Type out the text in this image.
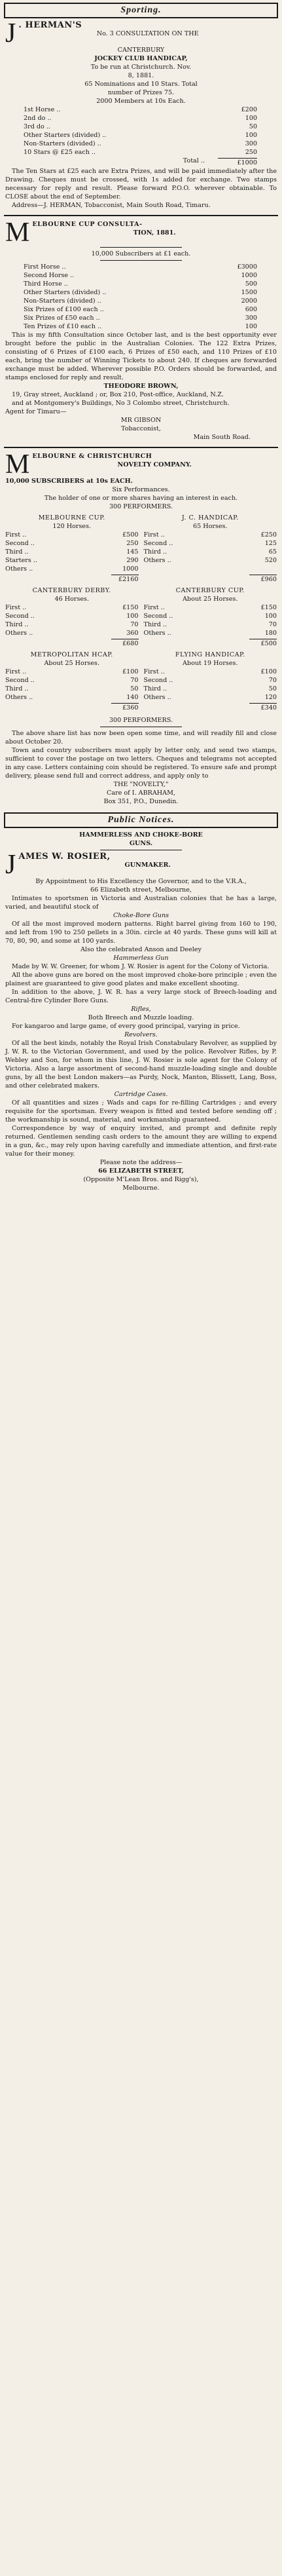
Sporting.
J . HERMAN'S
No. 3 CONSULTATION ON THE
CANTERBURY
JOCKEY CLUB HANDICAP,
To be run at Christchurch. Nov.
8, 1881.
65 Nominations and 10 Stars. Total
number of Prizes 75.
2000 Members at 10s Each.
1st Horse ..	£200
2nd do ..	100
3rd do ..	50
Other Starters (divided) ..	100
Non-Starters (divided) ..	300
10 Stars @ £25 each ..	250
Total ..	£1000
The Ten Stars at £25 each are Extra Prizes, and will be paid immediately after the Drawing. Cheques must be crossed, with 1s added for exchange. Two stamps necessary for reply and result. Please forward P.O.O. wherever obtainable. To CLOSE about the end of September.
Address—J. HERMAN, Tobacconist, Main South Road, Timaru.
M ELBOURNE CUP CONSULTA-
TION, 1881.
10,000 Subscribers at £1 each.
First Horse ..	£3000
Second Horse ..	1000
Third Horse ..	500
Other Starters (divided) ..	1500
Non-Starters (divided) ..	2000
Six Prizes of £100 each ..	600
Six Prizes of £50 each ..	300
Ten Prizes of £10 each ..	100
This is my fifth Consultation since October last, and is the best opportunity ever brought before the public in the Australian Colonies. The 122 Extra Prizes, consisting of 6 Prizes of £100 each, 6 Prizes of £50 each, and 110 Prizes of £10 each, bring the number of Winning Tickets to about 240. If cheques are forwarded exchange must be added. Wherever possible P.O. Orders should be forwarded, and stamps enclosed for reply and result.
THEODORE BROWN,
19, Gray street, Auckland ; or, Box 210, Post-office, Auckland, N.Z.
and at Montgomery's Buildings, No 3 Colombo street, Christchurch.
Agent for Timaru—
MR GIBSON
Tobacconist,
Main South Road.
M ELBOURNE & CHRISTCHURCH
NOVELTY COMPANY.
10,000 SUBSCRIBERS at 10s EACH.
Six Performances.
The holder of one or more shares having an interest in each.
300 PERFORMERS.
MELBOURNE CUP.
120 Horses.
First ..	£500
Second ..	250
Third ..	145
Starters ..	290
Others ..	1000
£2160
J. C. HANDICAP.
65 Horses.
First ..	£250
Second ..	125
Third ..	65
Others ..	520
£960
CANTERBURY DERBY.
46 Horses.
First ..	£150
Second ..	100
Third ..	70
Others ..	360
£680
CANTERBURY CUP.
About 25 Horses.
First ..	£150
Second ..	100
Third ..	70
Others ..	180
£500
METROPOLITAN HCAP.
About 25 Horses.
First ..	£100
Second ..	70
Third ..	50
Others ..	140
£360
FLYING HANDICAP.
About 19 Horses.
First ..	£100
Second ..	70
Third ..	50
Others ..	120
£340
300 PERFORMERS.
The above share list has now been open some time, and will readily fill and close about October 20.
Town and country subscribers must apply by letter only, and send two stamps, sufficient to cover the postage on two letters. Cheques and telegrams not accepted in any case. Letters containing coin should be registered. To ensure safe and prompt delivery, please send full and correct address, and apply only to
THE "NOVELTY,"
Care of I. ABRAHAM,
Box 351, P.O., Dunedin.
Public Notices.
HAMMERLESS AND CHOKE-BORE
GUNS.
J AMES W. ROSIER,
GUNMAKER.
By Appointment to His Excellency the Governor, and to the V.R.A.,
66 Elizabeth street, Melbourne,
Intimates to sportsmen in Victoria and Australian colonies that he has a large, varied, and beautiful stock of
Choke-Bore Guns
Of all the most improved modern patterns. Right barrel giving from 160 to 190, and left from 190 to 250 pellets in a 30in. circle at 40 yards. These guns will kill at 70, 80, 90, and some at 100 yards.
Also the celebrated Anson and Deeley
Hammerless Gun
Made by W. W. Greener, for whom J. W. Rosier is agent for the Colony of Victoria.
All the above guns are bored on the most improved choke-bore principle ; even the plainest are guaranteed to give good plates and make excellent shooting.
In addition to the above, J. W. R. has a very large stock of Breech-loading and Central-fire Cylinder Bore Guns.
Rifles,
Both Breech and Muzzle loading.
For kangaroo and large game, of every good principal, varying in price.
Revolvers.
Of all the best kinds, notably the Royal Irish Constabulary Revolver, as supplied by J. W. R. to the Victorian Government, and used by the police. Revolver Rifles, by P. Webley and Son, for whom in this line, J. W. Rosier is sole agent for the Colony of Victoria. Also a large assortment of second-hand muzzle-loading single and double guns, by all the best London makers—as Purdy, Nock, Manton, Blissett, Lang, Boss, and other celebrated makers.
Cartridge Cases.
Of all quantities and sizes ; Wads and caps for re-filling Cartridges ; and every requisite for the sportsman. Every weapon is fitted and tested before sending off ; the workmanship is sound, material, and workmanship guaranteed.
Correspondence by way of enquiry invited, and prompt and definite reply returned. Gentlemen sending cash orders to the amount they are willing to expend in a gun, &c., may rely upon having carefully and immediate attention, and first-rate value for their money.
Please note the address—
66 ELIZABETH STREET,
(Opposite M'Lean Bros. and Rigg's),
Melbourne.
